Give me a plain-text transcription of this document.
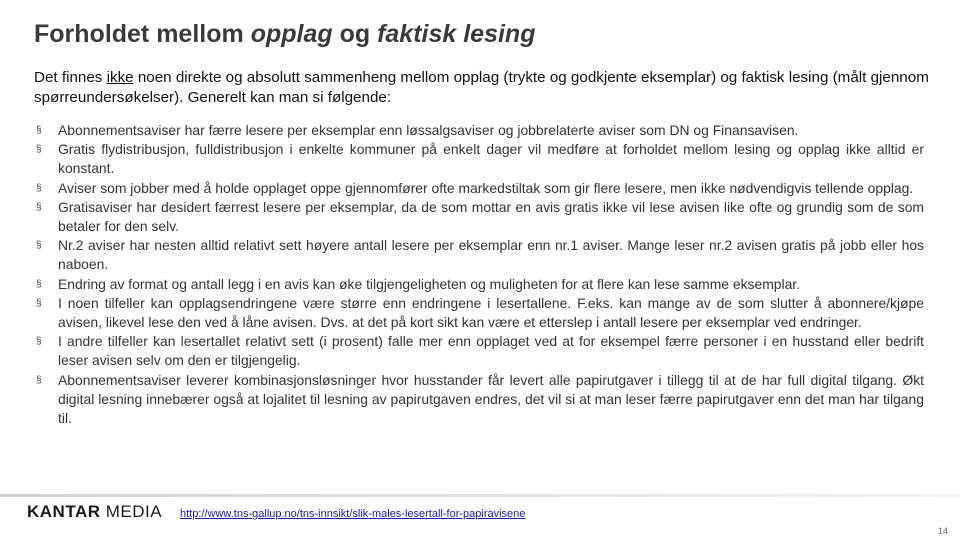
Forholdet mellom opplag og faktisk lesing

Det finnes ikke noen direkte og absolutt sammenheng mellom opplag (trykte og godkjente eksemplar) og faktisk lesing (målt gjennom spørreundersøkelser). Generelt kan man si følgende:

§ Abonnementsaviser har færre lesere per eksemplar enn løssalgsaviser og jobbrelaterte aviser som DN og Finansavisen.
§ Gratis flydistribusjon, fulldistribusjon i enkelte kommuner på enkelt dager vil medføre at forholdet mellom lesing og opplag ikke alltid er konstant.
§ Aviser som jobber med å holde opplaget oppe gjennomfører ofte markedstiltak som gir flere lesere, men ikke nødvendigvis tellende opplag.
§ Gratisaviser har desidert færrest lesere per eksemplar, da de som mottar en avis gratis ikke vil lese avisen like ofte og grundig som de som betaler for den selv.
§ Nr.2 aviser har nesten alltid relativt sett høyere antall lesere per eksemplar enn nr.1 aviser. Mange leser nr.2 avisen gratis på jobb eller hos naboen.
§ Endring av format og antall legg i en avis kan øke tilgjengeligheten og muligheten for at flere kan lese samme eksemplar.
§ I noen tilfeller kan opplagsendringene være større enn endringene i lesertallene. F.eks. kan mange av de som slutter å abonnere/kjøpe avisen, likevel lese den ved å låne avisen. Dvs. at det på kort sikt kan være et etterslep i antall lesere per eksemplar ved endringer.
§ I andre tilfeller kan lesertallet relativt sett (i prosent) falle mer enn opplaget ved at for eksempel færre personer i en husstand eller bedrift leser avisen selv om den er tilgjengelig.
§ Abonnementsaviser leverer kombinasjonsløsninger hvor husstander får levert alle papirutgaver i tillegg til at de har full digital tilgang. Økt digital lesning innebærer også at lojalitet til lesning av papirutgaven endres, det vil si at man leser færre papirutgaver enn det man har tilgang til.
KANTAR MEDIA http://www.tns-gallup.no/tns-innsikt/slik-males-lesertall-for-papiravisene
14
